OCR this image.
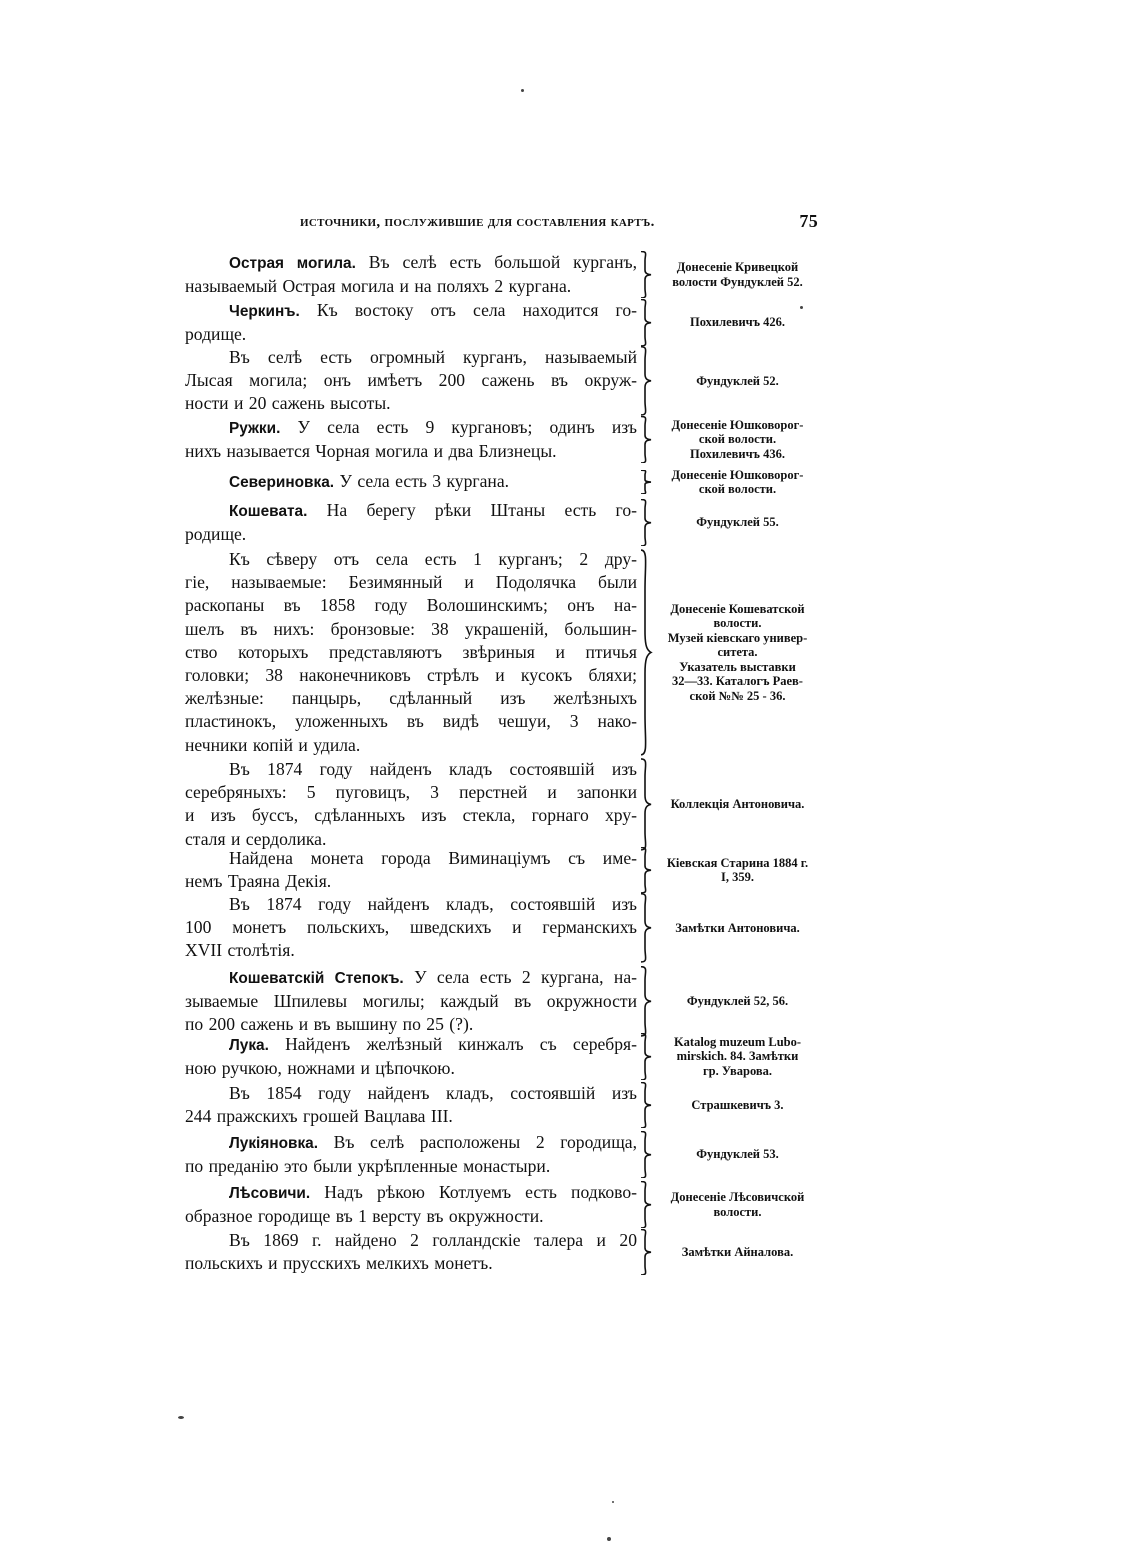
источники, послужившие для составления картъ.	75
Острая могила. Въ селѣ есть большой курганъ,
называемый Острая могила и на поляхъ 2 кургана.
Донесеніе Кривецкой
волости Фундуклей 52.
Черкинъ. Къ востоку отъ села находится го-
родище.
Похилевичъ 426.
Въ селѣ есть огромный курганъ, называемый
Лысая могила; онъ имѣетъ 200 сажень въ окруж-
ности и 20 сажень высоты.
Фундуклей 52.
Ружки. У села есть 9 кургановъ; одинъ изъ
нихъ называется Чорная могила и два Близнецы.
Донесеніе Юшковорог-
ской волости.
Похилевичъ 436.
Севериновка. У села есть 3 кургана.	Донесеніе Юшковорог-
ской волости.
Кошевата. На берегу рѣки Штаны есть го-
родище.
Фундуклей 55.
Къ сѣверу отъ села есть 1 курганъ; 2 дру-
гіе, называемые: Безимянный и Подолячка были
раскопаны въ 1858 году Волошинскимъ; онъ на-
шелъ въ нихъ: бронзовые: 38 украшеній, большин-
ство которыхъ представляютъ звѣриныя и птичья
головки; 38 наконечниковъ стрѣлъ и кусокъ бляхи;
желѣзные: панцырь, сдѣланный изъ желѣзныхъ
пластинокъ, уложенныхъ въ видѣ чешуи, 3 нако-
нечники копій и удила.
Донесеніе Кошеватской
волости.
Музей кіевскаго универ-
ситета.
Указатель выставки
32—33. Каталогъ Раев-
ской №№ 25 - 36.
Въ 1874 году найденъ кладъ состоявшій изъ
серебряныхъ: 5 пуговицъ, 3 перстней и запонки
и изъ буссъ, сдѣланныхъ изъ стекла, горнаго хру-
сталя и сердолика.
Коллекція Антоновича.
Найдена монета города Виминаціумъ съ име-
немъ Траяна Декія.
Кіевская Старина 1884 г.
I, 359.
Въ 1874 году найденъ кладъ, состоявшій изъ
100 монетъ польскихъ, шведскихъ и германскихъ
XVII столѣтія.
Замѣтки Антоновича.
Кошеватскій Степокъ. У села есть 2 кургана, на-
зываемые Шпилевы могилы; каждый въ окружности
по 200 сажень и въ вышину по 25 (?).
Фундуклей 52, 56.
Лука. Найденъ желѣзный кинжалъ съ серебря-
ною ручкою, ножнами и цѣпочкою.
Katalog muzeum Lubo-
mirskich. 84. Замѣтки
гр. Уварова.
Въ 1854 году найденъ кладъ, состоявшій изъ
244 пражскихъ грошей Вацлава III.
Страшкевичъ 3.
Лукіяновка. Въ селѣ расположены 2 городища,
по преданію это были укрѣпленные монастыри.
Фундуклей 53.
Лѣсовичи. Надъ рѣкою Котлуемъ есть подково-
образное городище въ 1 версту въ окружности.
Донесеніе Лѣсовичской
волости.
Въ 1869 г. найдено 2 голландскіе талера и 20
польскихъ и прусскихъ мелкихъ монетъ.
Замѣтки Айналова.
